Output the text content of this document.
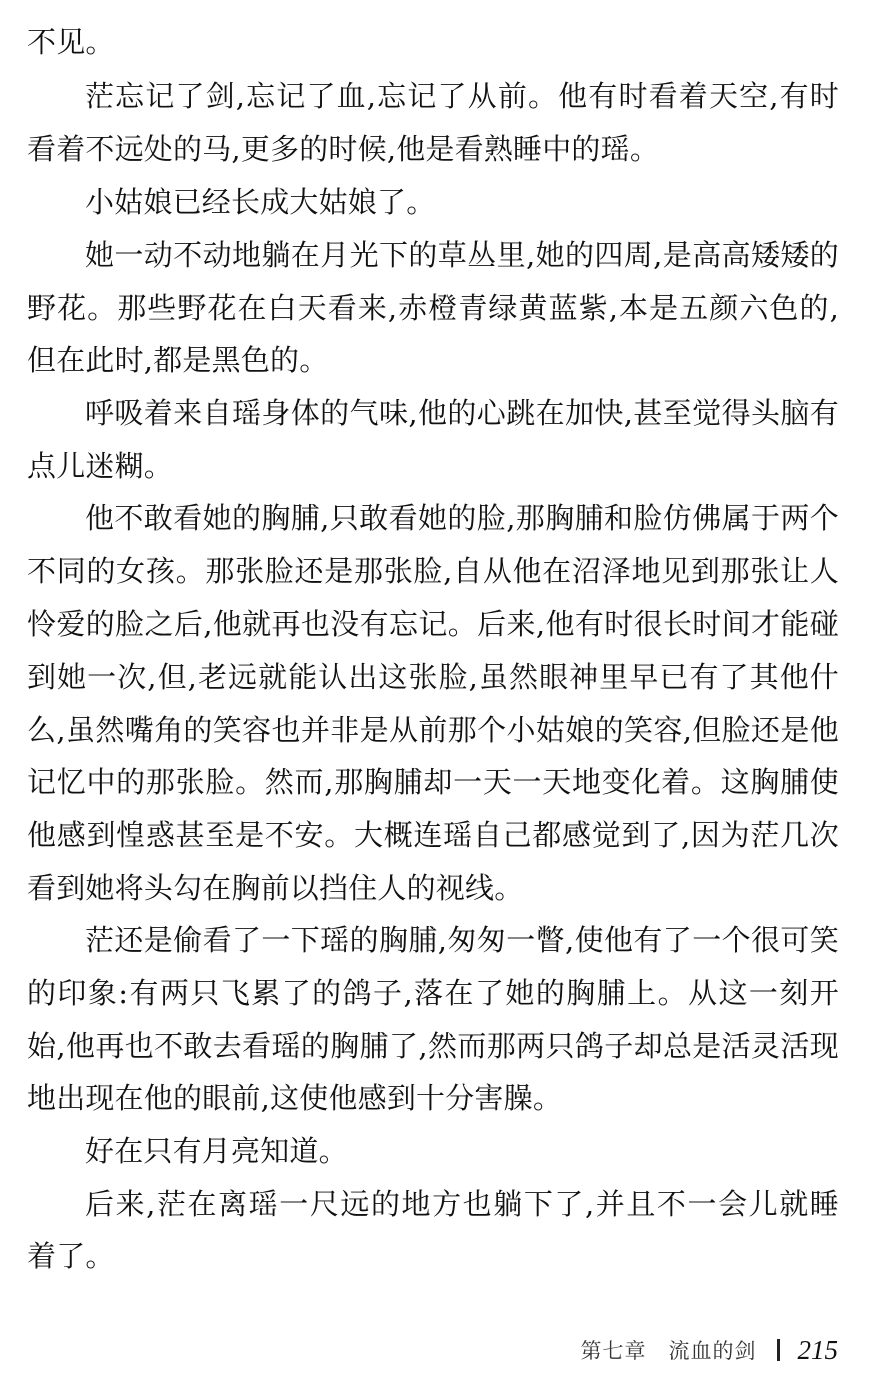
不见。
茫忘记了剑,忘记了血,忘记了从前。他有时看着天空,有时
看着不远处的马,更多的时候,他是看熟睡中的瑶。
小姑娘已经长成大姑娘了。
她一动不动地躺在月光下的草丛里,她的四周,是高高矮矮的
野花。那些野花在白天看来,赤橙青绿黄蓝紫,本是五颜六色的,
但在此时,都是黑色的。
呼吸着来自瑶身体的气味,他的心跳在加快,甚至觉得头脑有
点儿迷糊。
他不敢看她的胸脯,只敢看她的脸,那胸脯和脸仿佛属于两个
不同的女孩。那张脸还是那张脸,自从他在沼泽地见到那张让人
怜爱的脸之后,他就再也没有忘记。后来,他有时很长时间才能碰
到她一次,但,老远就能认出这张脸,虽然眼神里早已有了其他什
么,虽然嘴角的笑容也并非是从前那个小姑娘的笑容,但脸还是他
记忆中的那张脸。然而,那胸脯却一天一天地变化着。这胸脯使
他感到惶惑甚至是不安。大概连瑶自己都感觉到了,因为茫几次
看到她将头勾在胸前以挡住人的视线。
茫还是偷看了一下瑶的胸脯,匆匆一瞥,使他有了一个很可笑
的印象:有两只飞累了的鸽子,落在了她的胸脯上。从这一刻开
始,他再也不敢去看瑶的胸脯了,然而那两只鸽子却总是活灵活现
地出现在他的眼前,这使他感到十分害臊。
好在只有月亮知道。
后来,茫在离瑶一尺远的地方也躺下了,并且不一会儿就睡
着了。
第七章 流血的剑 215
